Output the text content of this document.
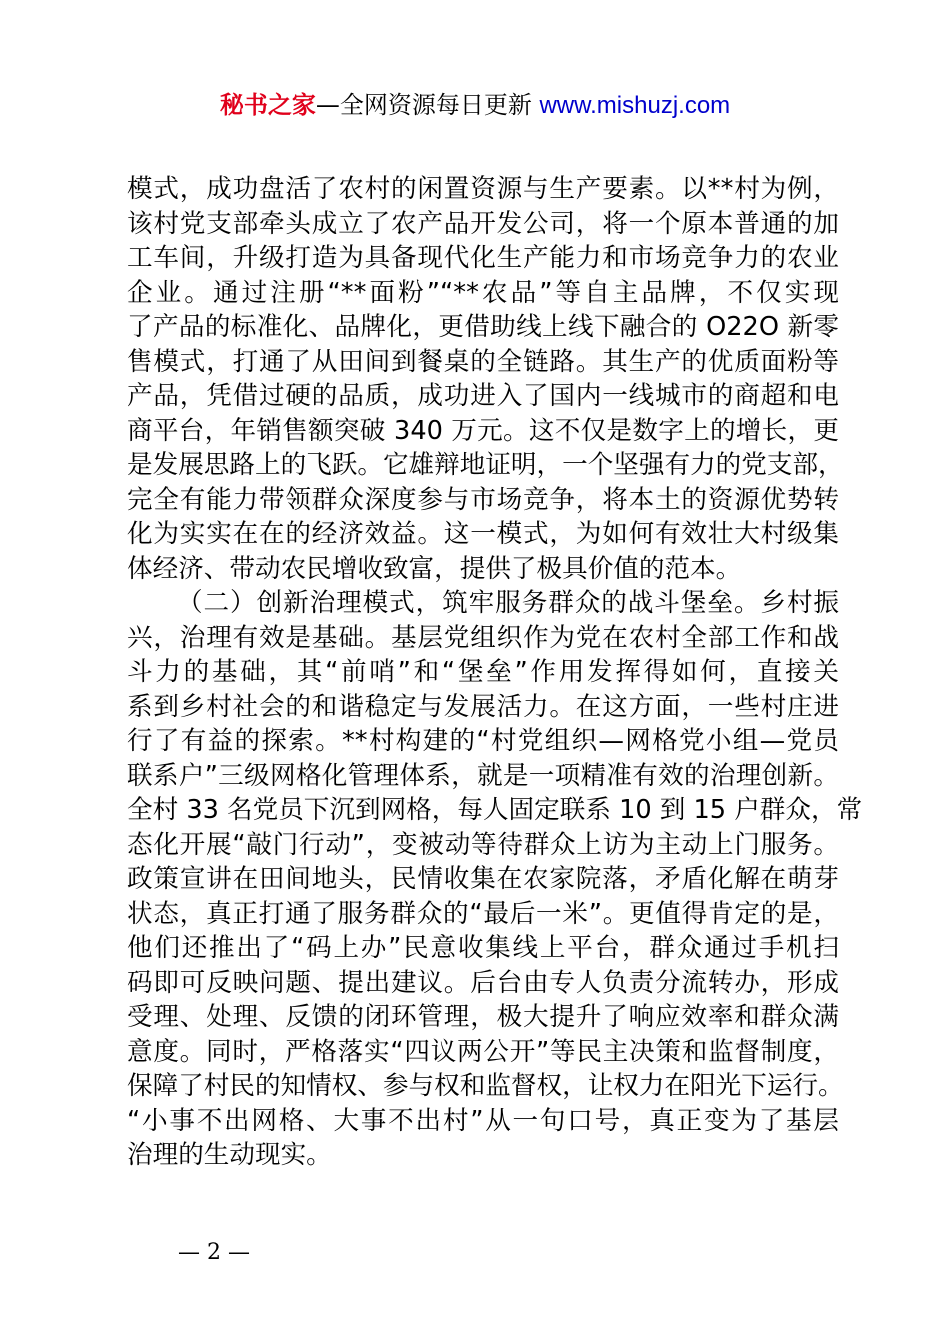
秘书之家—全网资源每日更新 www.mishuzj.com
模式，成功盘活了农村的闲置资源与生产要素。以**村为例，
该村党支部牵头成立了农产品开发公司，将一个原本普通的加
工车间，升级打造为具备现代化生产能力和市场竞争力的农业
企业。通过注册“**面粉”“**农品”等自主品牌，不仅实现
了产品的标准化、品牌化，更借助线上线下融合的 O22O 新零
售模式，打通了从田间到餐桌的全链路。其生产的优质面粉等
产品，凭借过硬的品质，成功进入了国内一线城市的商超和电
商平台，年销售额突破 340 万元。这不仅是数字上的增长，更
是发展思路上的飞跃。它雄辩地证明，一个坚强有力的党支部，
完全有能力带领群众深度参与市场竞争，将本土的资源优势转
化为实实在在的经济效益。这一模式，为如何有效壮大村级集
体经济、带动农民增收致富，提供了极具价值的范本。
（二）创新治理模式，筑牢服务群众的战斗堡垒。乡村振
兴，治理有效是基础。基层党组织作为党在农村全部工作和战
斗力的基础，其“前哨”和“堡垒”作用发挥得如何，直接关
系到乡村社会的和谐稳定与发展活力。在这方面，一些村庄进
行了有益的探索。**村构建的“村党组织—网格党小组—党员
联系户”三级网格化管理体系，就是一项精准有效的治理创新。
全村 33 名党员下沉到网格，每人固定联系 10 到 15 户群众，常
态化开展“敲门行动”，变被动等待群众上访为主动上门服务。
政策宣讲在田间地头，民情收集在农家院落，矛盾化解在萌芽
状态，真正打通了服务群众的“最后一米”。更值得肯定的是，
他们还推出了“码上办”民意收集线上平台，群众通过手机扫
码即可反映问题、提出建议。后台由专人负责分流转办，形成
受理、处理、反馈的闭环管理，极大提升了响应效率和群众满
意度。同时，严格落实“四议两公开”等民主决策和监督制度，
保障了村民的知情权、参与权和监督权，让权力在阳光下运行。
“小事不出网格、大事不出村”从一句口号，真正变为了基层
治理的生动现实。
— 2 —
